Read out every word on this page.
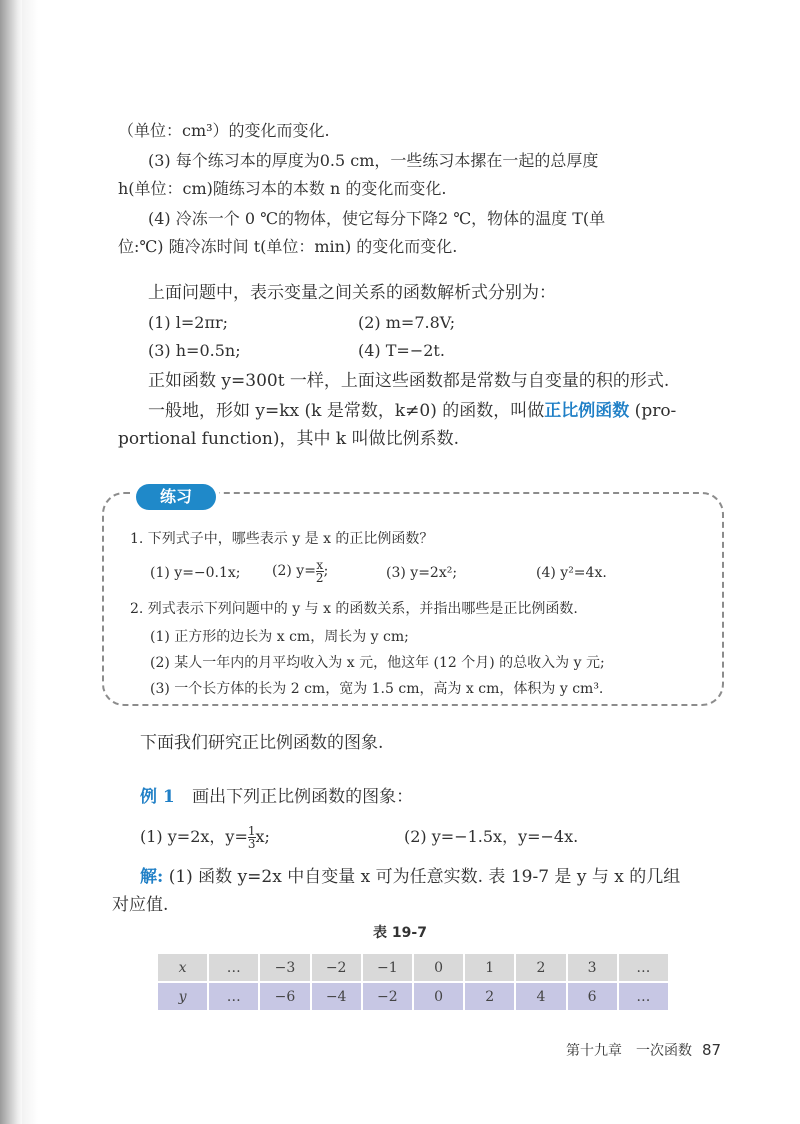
（单位：cm³）的变化而变化.
(3) 每个练习本的厚度为0.5 cm，一些练习本摞在一起的总厚度
h(单位：cm)随练习本的本数 n 的变化而变化.
(4) 冷冻一个 0 ℃的物体，使它每分下降2 ℃，物体的温度 T(单
位:℃) 随冷冻时间 t(单位：min) 的变化而变化.
上面问题中，表示变量之间关系的函数解析式分别为：
(1) l=2πr;	(2) m=7.8V;
(3) h=0.5n;	(4) T=−2t.
正如函数 y=300t 一样，上面这些函数都是常数与自变量的积的形式.
一般地，形如 y=kx (k 是常数，k≠0) 的函数，叫做正比例函数 (pro-
portional function)，其中 k 叫做比例系数.
练习
1. 下列式子中，哪些表示 y 是 x 的正比例函数？
(1) y=−0.1x; (2) $y= \frac{x}{2}$ ;	(3) y=2x²;	(4) y²=4x.
2. 列式表示下列问题中的 y 与 x 的函数关系，并指出哪些是正比例函数.
(1) 正方形的边长为 x cm，周长为 y cm;
(2) 某人一年内的月平均收入为 x 元，他这年 (12 个月) 的总收入为 y 元;
(3) 一个长方体的长为 2 cm，宽为 1.5 cm，高为 x cm，体积为 y cm³.
下面我们研究正比例函数的图象.
例 1 画出下列正比例函数的图象：
(1) y=2x，$y= \frac{1}{3} x$;	(2) y=−1.5x，y=−4x.
解: (1) 函数 y=2x 中自变量 x 可为任意实数. 表 19-7 是 y 与 x 的几组
对应值.
表 19-7
x	…	−3	−2	−1	0	1	2	3	…
y	…	−6	−4	−2	0	2	4	6	…
第十九章　一次函数 87
